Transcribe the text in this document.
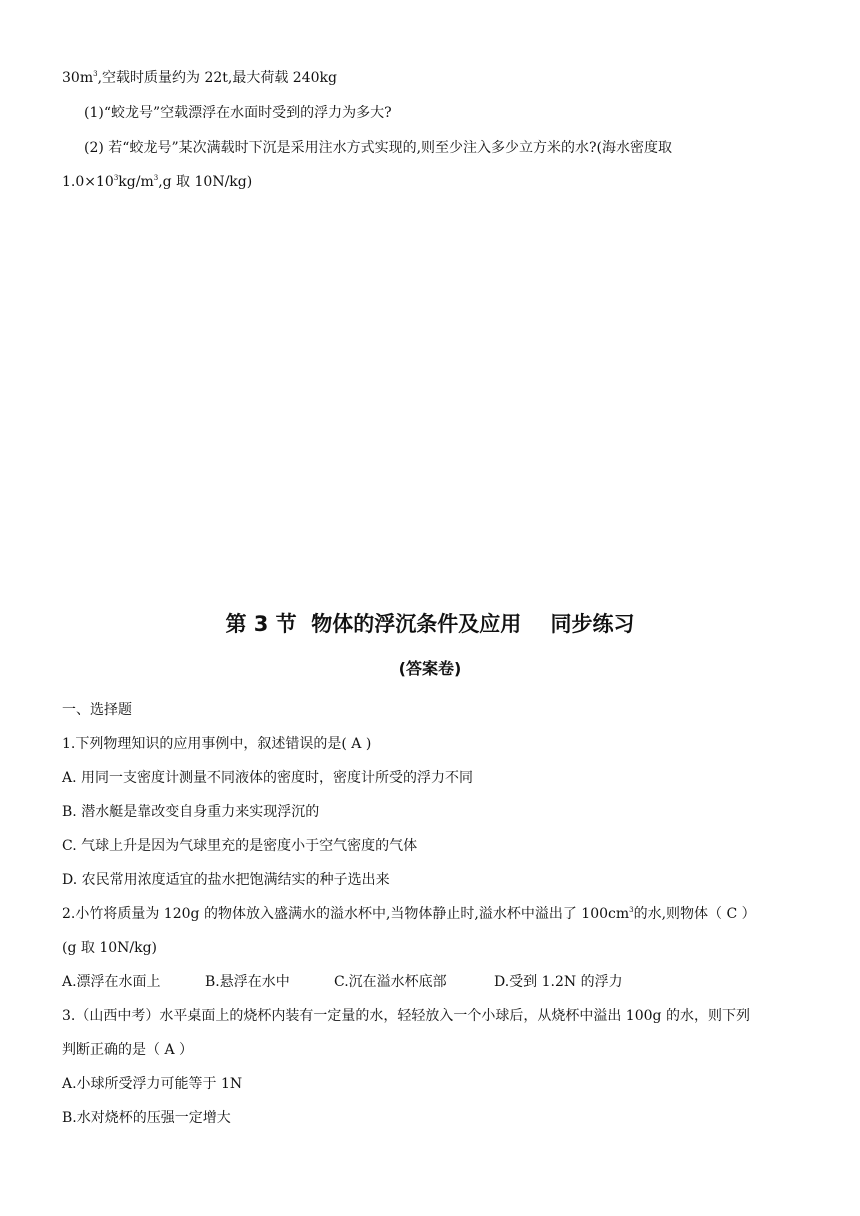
$30m^3$,空载时质量约为 22t,最大荷载 240kg
(1)“蛟龙号”空载漂浮在水面时受到的浮力为多大?
(2) 若“蛟龙号”某次满载时下沉是采用注水方式实现的,则至少注入多少立方米的水?(海水密度取
$1.0\times 10^3kg/m^3,g$ 取 10N/kg)
第 3 节  物体的浮沉条件及应用    同步练习
(答案卷)
一、选择题
1.下列物理知识的应用事例中，叙述错误的是( A )
A. 用同一支密度计测量不同液体的密度时，密度计所受的浮力不同
B. 潜水艇是靠改变自身重力来实现浮沉的
C. 气球上升是因为气球里充的是密度小于空气密度的气体
D. 农民常用浓度适宜的盐水把饱满结实的种子选出来
2.小竹将质量为 120g 的物体放入盛满水的溢水杯中,当物体静止时,溢水杯中溢出了 $100cm^3$的水,则物体（ C ）
(g 取 10N/kg)
A.漂浮在水面上	B.悬浮在水中	C.沉在溢水杯底部	D.受到 1.2N 的浮力
3.（山西中考）水平桌面上的烧杯内装有一定量的水，轻轻放入一个小球后，从烧杯中溢出 100g 的水，则下列
判断正确的是（ A ）
A.小球所受浮力可能等于 1N
B.水对烧杯的压强一定增大
